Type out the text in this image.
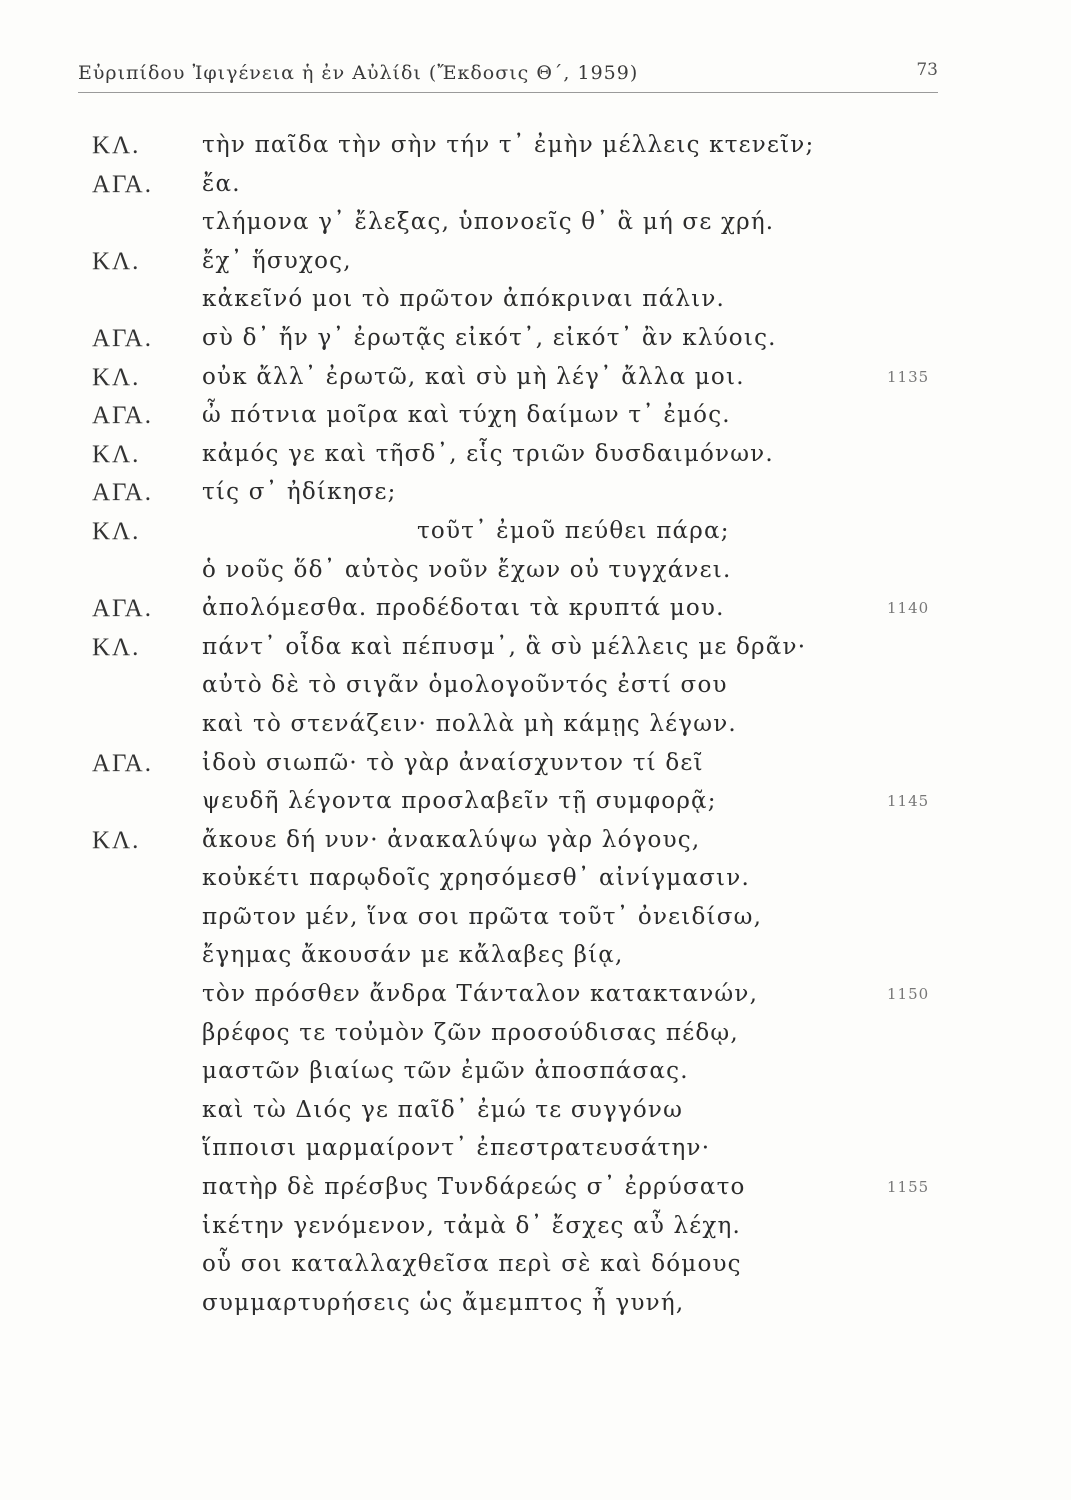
Εὐριπίδου Ἰφιγένεια ἡ ἐν Αὐλίδι (Ἔκδοσις Θ΄, 1959)	73
ΚΛ.	τὴν παῖδα τὴν σὴν τήν τ᾽ ἐμὴν μέλλεις κτενεῖν;
ΑΓΑ.	ἔα.
τλήμονα γ᾽ ἔλεξας, ὑπονοεῖς θ᾽ ἃ μή σε χρή.
ΚΛ.	ἔχ᾽ ἥσυχος,
κἀκεῖνό μοι τὸ πρῶτον ἀπόκριναι πάλιν.
ΑΓΑ.	σὺ δ᾽ ἤν γ᾽ ἐρωτᾷς εἰκότ᾽, εἰκότ᾽ ἂν κλύοις.
ΚΛ.	οὐκ ἄλλ᾽ ἐρωτῶ, καὶ σὺ μὴ λέγ᾽ ἄλλα μοι.	1135
ΑΓΑ.	ὦ πότνια μοῖρα καὶ τύχη δαίμων τ᾽ ἐμός.
ΚΛ.	κἀμός γε καὶ τῆσδ᾽, εἷς τριῶν δυσδαιμόνων.
ΑΓΑ.	τίς σ᾽ ἠδίκησε;
ΚΛ.	τοῦτ᾽ ἐμοῦ πεύθει πάρα;
ὁ νοῦς ὅδ᾽ αὐτὸς νοῦν ἔχων οὐ τυγχάνει.
ΑΓΑ.	ἀπολόμεσθα. προδέδοται τὰ κρυπτά μου.	1140
ΚΛ.	πάντ᾽ οἶδα καὶ πέπυσμ᾽, ἃ σὺ μέλλεις με δρᾶν·
αὐτὸ δὲ τὸ σιγᾶν ὁμολογοῦντός ἐστί σου
καὶ τὸ στενάζειν· πολλὰ μὴ κάμῃς λέγων.
ΑΓΑ.	ἰδοὺ σιωπῶ· τὸ γὰρ ἀναίσχυντον τί δεῖ
ψευδῆ λέγοντα προσλαβεῖν τῇ συμφορᾷ;	1145
ΚΛ.	ἄκουε δή νυν· ἀνακαλύψω γὰρ λόγους,
κοὐκέτι παρῳδοῖς χρησόμεσθ᾽ αἰνίγμασιν.
πρῶτον μέν, ἵνα σοι πρῶτα τοῦτ᾽ ὀνειδίσω,
ἔγημας ἄκουσάν με κἄλαβες βίᾳ,
τὸν πρόσθεν ἄνδρα Τάνταλον κατακτανών,	1150
βρέφος τε τοὐμὸν ζῶν προσούδισας πέδῳ,
μαστῶν βιαίως τῶν ἐμῶν ἀποσπάσας.
καὶ τὼ Διός γε παῖδ᾽ ἐμώ τε συγγόνω
ἵπποισι μαρμαίροντ᾽ ἐπεστρατευσάτην·
πατὴρ δὲ πρέσβυς Τυνδάρεώς σ᾽ ἐρρύσατο	1155
ἱκέτην γενόμενον, τἀμὰ δ᾽ ἔσχες αὖ λέχη.
οὗ σοι καταλλαχθεῖσα περὶ σὲ καὶ δόμους
συμμαρτυρήσεις ὡς ἄμεμπτος ἦ γυνή,
